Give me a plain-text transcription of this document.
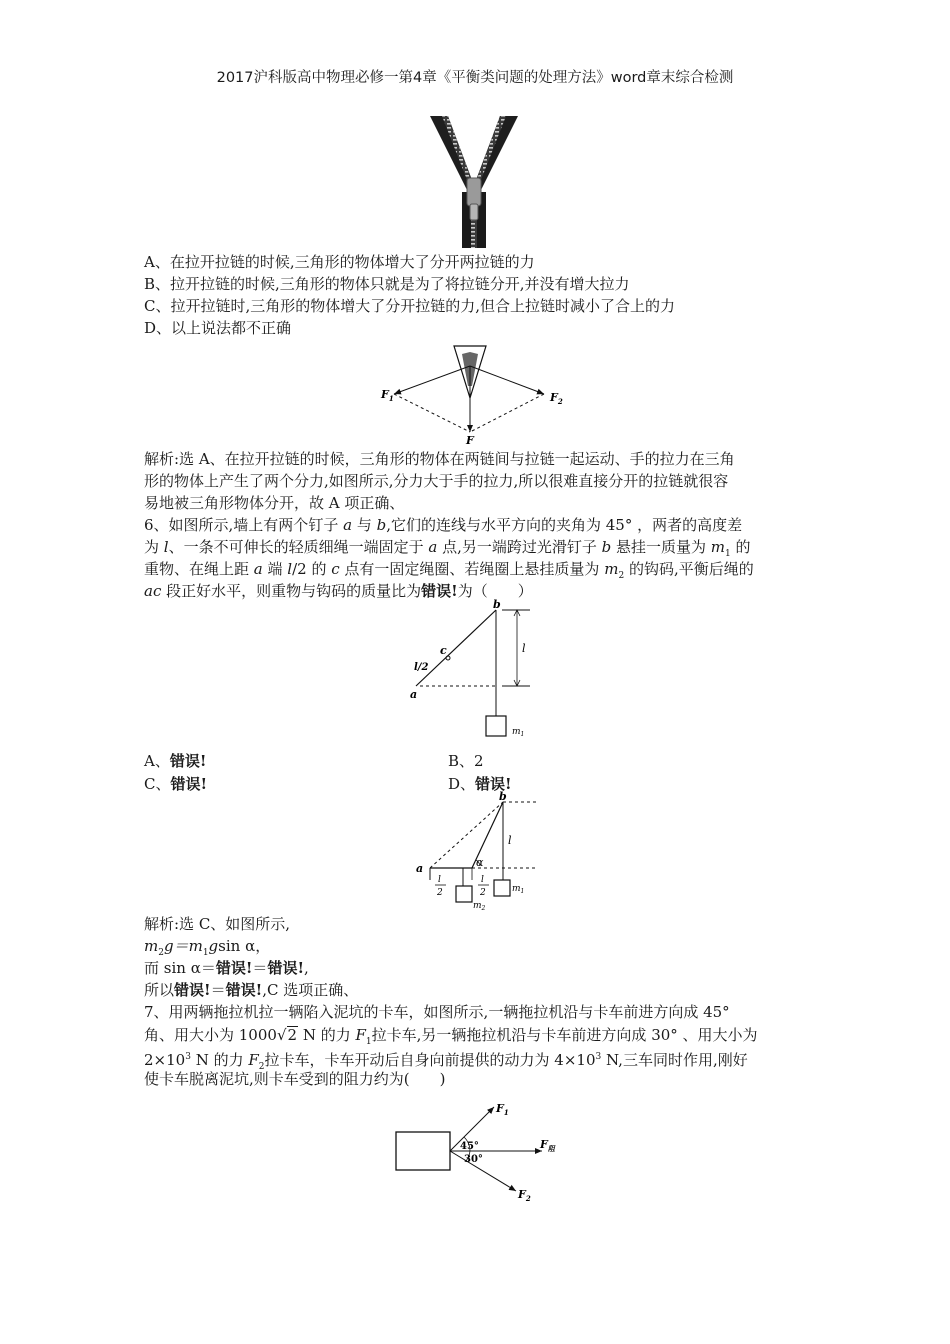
2017沪科版高中物理必修一第4章《平衡类问题的处理方法》word章末综合检测
A、在拉开拉链的时候,三角形的物体增大了分开两拉链的力
B、拉开拉链的时候,三角形的物体只就是为了将拉链分开,并没有增大拉力
C、拉开拉链时,三角形的物体增大了分开拉链的力,但合上拉链时减小了合上的力
D、以上说法都不正确
$F_1$	$F_2$
F
解析:选 A、在拉开拉链的时候，三角形的物体在两链间与拉链一起运动、手的拉力在三角
形的物体上产生了两个分力,如图所示,分力大于手的拉力,所以很难直接分开的拉链就很容
易地被三角形物体分开，故 A 项正确、
6、如图所示,墙上有两个钉子 a 与 b,它们的连线与水平方向的夹角为 45° ，两者的高度差
为 l、一条不可伸长的轻质细绳一端固定于 a 点,另一端跨过光滑钉子 b 悬挂一质量为 $m_1$ 的
重物、在绳上距 a 端 l/2 的 c 点有一固定绳圈、若绳圈上悬挂质量为 $m_2$ 的钩码,平衡后绳的
ac 段正好水平，则重物与钩码的质量比为错误!为（　　）
b
c
l/2
l
a
$m_1$
A、错误!	B、2
C、错误!	D、错误!
b
l
α
a
l
2
l
2	$m_1$
$m_2$
解析:选 C、如图所示,
$m_2g=m_1gsin$ α，
而 sin α＝错误!＝错误!,
所以错误!＝错误!,C 选项正确、
7、用两辆拖拉机拉一辆陷入泥坑的卡车，如图所示,一辆拖拉机沿与卡车前进方向成 45°
角、用大小为 1000√2 N 的力 $F_1$拉卡车,另一辆拖拉机沿与卡车前进方向成 30° 、用大小为
$2\times 10^3$ N 的力 $F_2$拉卡车，卡车开动后自身向前提供的动力为 $4\times 10^3$ N,三车同时作用,刚好
使卡车脱离泥坑,则卡车受到的阻力约为(　　)
$F_1$
45°
30°
$F_阻$
$F_2$
